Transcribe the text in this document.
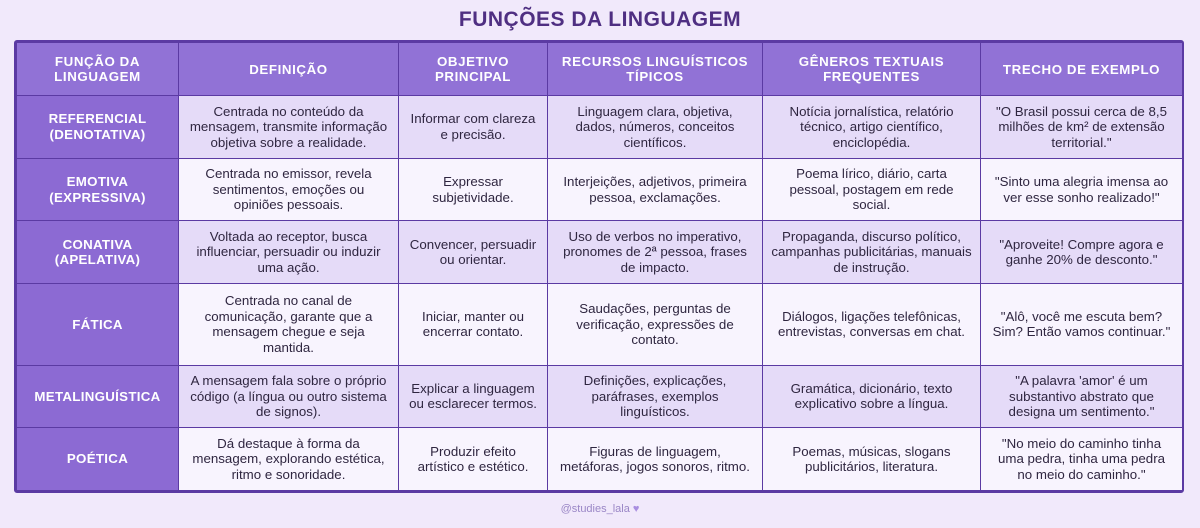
FUNÇÕES DA LINGUAGEM
FUNÇÃO DA LINGUAGEM	DEFINIÇÃO	OBJETIVO PRINCIPAL	RECURSOS LINGUÍSTICOS TÍPICOS	GÊNEROS TEXTUAIS FREQUENTES	TRECHO DE EXEMPLO
REFERENCIAL (DENOTATIVA)	Centrada no conteúdo da mensagem, transmite informação objetiva sobre a realidade.	Informar com clareza e precisão.	Linguagem clara, objetiva, dados, números, conceitos científicos.	Notícia jornalística, relatório técnico, artigo científico, enciclopédia.	"O Brasil possui cerca de 8,5 milhões de km² de extensão territorial."
EMOTIVA (EXPRESSIVA)	Centrada no emissor, revela sentimentos, emoções ou opiniões pessoais.	Expressar subjetividade.	Interjeições, adjetivos, primeira pessoa, exclamações.	Poema lírico, diário, carta pessoal, postagem em rede social.	"Sinto uma alegria imensa ao ver esse sonho realizado!"
CONATIVA (APELATIVA)	Voltada ao receptor, busca influenciar, persuadir ou induzir uma ação.	Convencer, persuadir ou orientar.	Uso de verbos no imperativo, pronomes de 2ª pessoa, frases de impacto.	Propaganda, discurso político, campanhas publicitárias, manuais de instrução.	"Aproveite! Compre agora e ganhe 20% de desconto."
FÁTICA	Centrada no canal de comunicação, garante que a mensagem chegue e seja mantida.	Iniciar, manter ou encerrar contato.	Saudações, perguntas de verificação, expressões de contato.	Diálogos, ligações telefônicas, entrevistas, conversas em chat.	"Alô, você me escuta bem? Sim? Então vamos continuar."
METALINGUÍSTICA	A mensagem fala sobre o próprio código (a língua ou outro sistema de signos).	Explicar a linguagem ou esclarecer termos.	Definições, explicações, paráfrases, exemplos linguísticos.	Gramática, dicionário, texto explicativo sobre a língua.	"A palavra 'amor' é um substantivo abstrato que designa um sentimento."
POÉTICA	Dá destaque à forma da mensagem, explorando estética, ritmo e sonoridade.	Produzir efeito artístico e estético.	Figuras de linguagem, metáforas, jogos sonoros, ritmo.	Poemas, músicas, slogans publicitários, literatura.	"No meio do caminho tinha uma pedra, tinha uma pedra no meio do caminho."
@studies_lala ♥
